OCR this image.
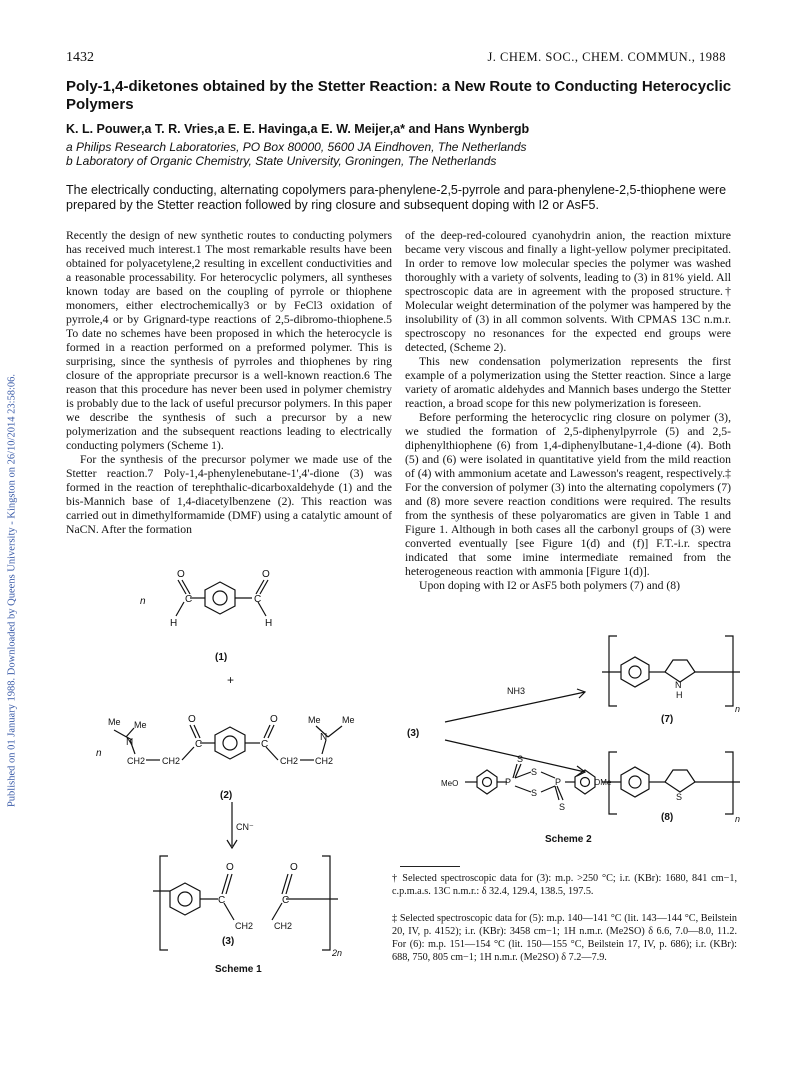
Published on 01 January 1988. Downloaded by Queens University - Kingston on 26/10/2014 23:58:06.
1432	J. CHEM. SOC., CHEM. COMMUN., 1988
Poly-1,4-diketones obtained by the Stetter Reaction: a New Route to Conducting Heterocyclic Polymers
K. L. Pouwer,a T. R. Vries,a E. E. Havinga,a E. W. Meijer,a* and Hans Wynbergb
a Philips Research Laboratories, PO Box 80000, 5600 JA Eindhoven, The Netherlands
b Laboratory of Organic Chemistry, State University, Groningen, The Netherlands
The electrically conducting, alternating copolymers para-phenylene-2,5-pyrrole and para-phenylene-2,5-thiophene were prepared by the Stetter reaction followed by ring closure and subsequent doping with I2 or AsF5.

Recently the design of new synthetic routes to conducting polymers has received much interest.1 The most remarkable results have been obtained for polyacetylene,2 resulting in excellent conductivities and a reasonable processability. For heterocyclic polymers, all syntheses known today are based on the coupling of pyrrole or thiophene monomers, either electrochemically3 or by FeCl3 oxidation of pyrrole,4 or by Grignard-type reactions of 2,5-dibromo-thiophene.5 To date no schemes have been proposed in which the heterocycle is formed in a reaction performed on a preformed polymer. This is surprising, since the synthesis of pyrroles and thiophenes by ring closure of the appropriate precursor is a well-known reaction.6 The reason that this procedure has never been used in polymer chemistry is probably due to the lack of useful precursor polymers. In this paper we describe the synthesis of such a precursor by a new polymerization and the subsequent reactions leading to electrically conducting polymers (Scheme 1).

For the synthesis of the precursor polymer we made use of the Stetter reaction.7 Poly-1,4-phenylenebutane-1',4'-dione (3) was formed in the reaction of terephthalic-dicarboxaldehyde (1) and the bis-Mannich base of 1,4-diacetylbenzene (2). This reaction was carried out in dimethylformamide (DMF) using a catalytic amount of NaCN. After the formation

of the deep-red-coloured cyanohydrin anion, the reaction mixture became very viscous and finally a light-yellow polymer precipitated. In order to remove low molecular species the polymer was washed thoroughly with a variety of solvents, leading to (3) in 81% yield. All spectroscopic data are in agreement with the proposed structure.† Molecular weight determination of the polymer was hampered by the insolubility of (3) in all common solvents. With CPMAS 13C n.m.r. spectroscopy no resonances for the expected end groups were detected, (Scheme 2).

This new condensation polymerization represents the first example of a polymerization using the Stetter reaction. Since a large variety of aromatic aldehydes and Mannich bases undergo the Stetter reaction, a broad scope for this new polymerization is foreseen.

Before performing the heterocyclic ring closure on polymer (3), we studied the formation of 2,5-diphenylpyrrole (5) and 2,5-diphenylthiophene (6) from 1,4-diphenylbutane-1,4-dione (4). Both (5) and (6) were isolated in quantitative yield from the mild reaction of (4) with ammonium acetate and Lawesson's reagent, respectively.‡ For the conversion of polymer (3) into the alternating copolymers (7) and (8) more severe reaction conditions were required. The results from the synthesis of these polyaromatics are given in Table 1 and Figure 1. Although in both cases all the carbonyl groups of (3) were converted eventually [see Figure 1(d) and (f)] F.T.-i.r. spectra indicated that some imine intermediate remained from the heterogeneous reaction with ammonia [Figure 1(d)].

Upon doping with I2 or AsF5 both polymers (7) and (8)

n
O
C
H
O
C
H
(1)
+
Me Me
N
n
O
C
CH2
CH2
O
C
CH2 CH2
N
Me Me
(2)
CN⁻
O
C
O
C
CH2 CH2
2n
(3)
Scheme 1
N
H
n
(7)
NH3
(3)
MeO	P
S
S
S
P
S
OMe
S
n
(8)
Scheme 2
† Selected spectroscopic data for (3): m.p. >250 °C; i.r. (KBr): 1680, 841 cm−1, c.p.m.a.s. 13C n.m.r.: δ 32.4, 129.4, 138.5, 197.5.
‡ Selected spectroscopic data for (5): m.p. 140—141 °C (lit. 143—144 °C, Beilstein 20, IV, p. 4152); i.r. (KBr): 3458 cm−1; 1H n.m.r. (Me2SO) δ 6.6, 7.0—8.0, 11.2. For (6): m.p. 151—154 °C (lit. 150—155 °C, Beilstein 17, IV, p. 686); i.r. (KBr): 688, 750, 805 cm−1; 1H n.m.r. (Me2SO) δ 7.2—7.9.
